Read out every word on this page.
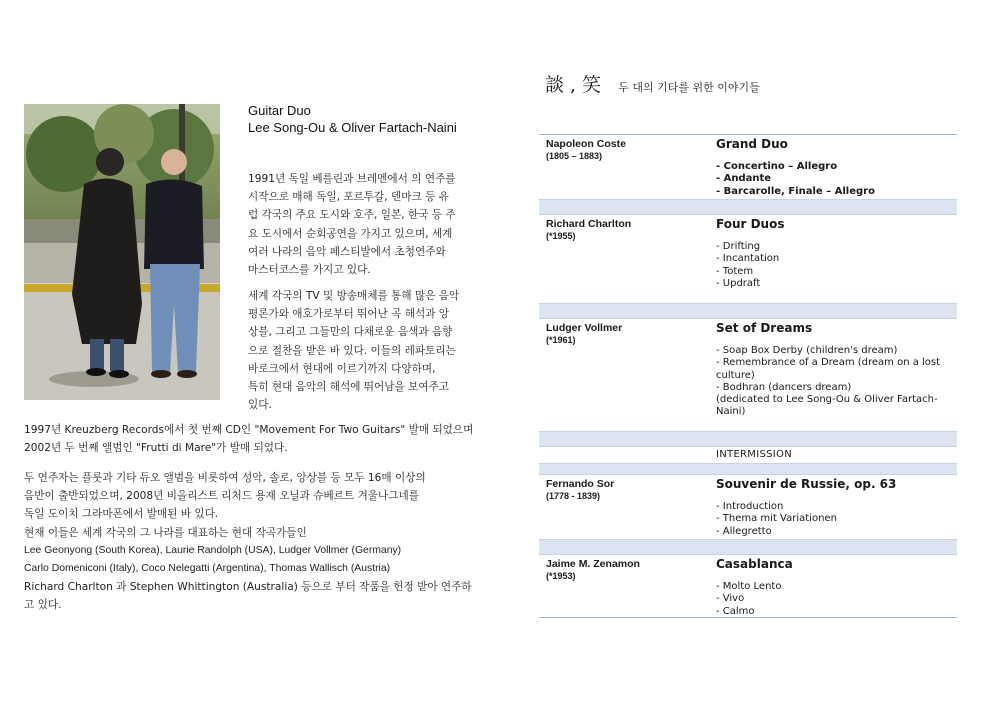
Guitar Duo
Lee Song-Ou & Oliver Fartach-Naini
1991년 독일 베를린과 브레멘에서 의 연주를
시작으로 매해 독일, 포르투갈, 덴마크 등 유
럽 각국의 주요 도시와 호주, 일본, 한국 등 주
요 도시에서 순회공연을 가지고 있으며, 세계
여러 나라의 음악 페스티발에서 초청연주와
마스터코스를 가지고 있다.
세계 각국의 TV 및 방송매체를 통해 많은 음악
평론가와 애호가로부터 뛰어난 곡 해석과 앙
상블, 그리고 그들만의 다채로운 음색과 음향
으로 절찬을 받은 바 있다. 이들의 레파토리는
바로크에서 현대에 이르기까지 다양하며,
특히 현대 음악의 해석에 뛰어남을 보여주고
있다.
1997년 Kreuzberg Records에서 첫 번째 CD인 "Movement For Two Guitars" 발매 되었으며
2002년 두 번째 앨범인 "Frutti di Mare"가 발매 되었다.
두 연주자는 플룻과 기타 듀오 앨범을 비롯하여 성악, 솔로, 앙상블 등 모두 16매 이상의
음반이 출반되었으며, 2008년 비올리스트 리처드 용재 오닐과 슈베르트 겨울나그네를
독일 도이치 그라마폰에서 발매된 바 있다.
현재 이들은 세계 각국의 그 나라를 대표하는 현대 작곡가들인
Lee Geonyong (South Korea), Laurie Randolph (USA), Ludger Vollmer (Germany)
Carlo Domeniconi (Italy), Coco Nelegatti (Argentina), Thomas Wallisch (Austria)
Richard Charlton 과 Stephen Whittington (Australia) 등으로 부터 작품을 헌정 받아 연주하
고 있다.
談 , 笑 두 대의 기타를 위한 이야기들
Napoleon Coste
(1805 – 1883)
Grand Duo
- Concertino – Allegro
- Andante
- Barcarolle, Finale – Allegro
Richard Charlton
(*1955)
Four Duos
- Drifting
- Incantation
- Totem
- Updraft
Ludger Vollmer
(*1961)
Set of Dreams
- Soap Box Derby (children's dream)
- Remembrance of a Dream (dream on a lost
culture)
- Bodhran (dancers dream)
(dedicated to Lee Song-Ou & Oliver Fartach-
Naini)
INTERMISSION
Fernando Sor
(1778 - 1839)
Souvenir de Russie, op. 63
- Introduction
- Thema mit Variationen
- Allegretto
Jaime M. Zenamon
(*1953)
Casablanca
- Molto Lento
- Vivo
- Calmo
